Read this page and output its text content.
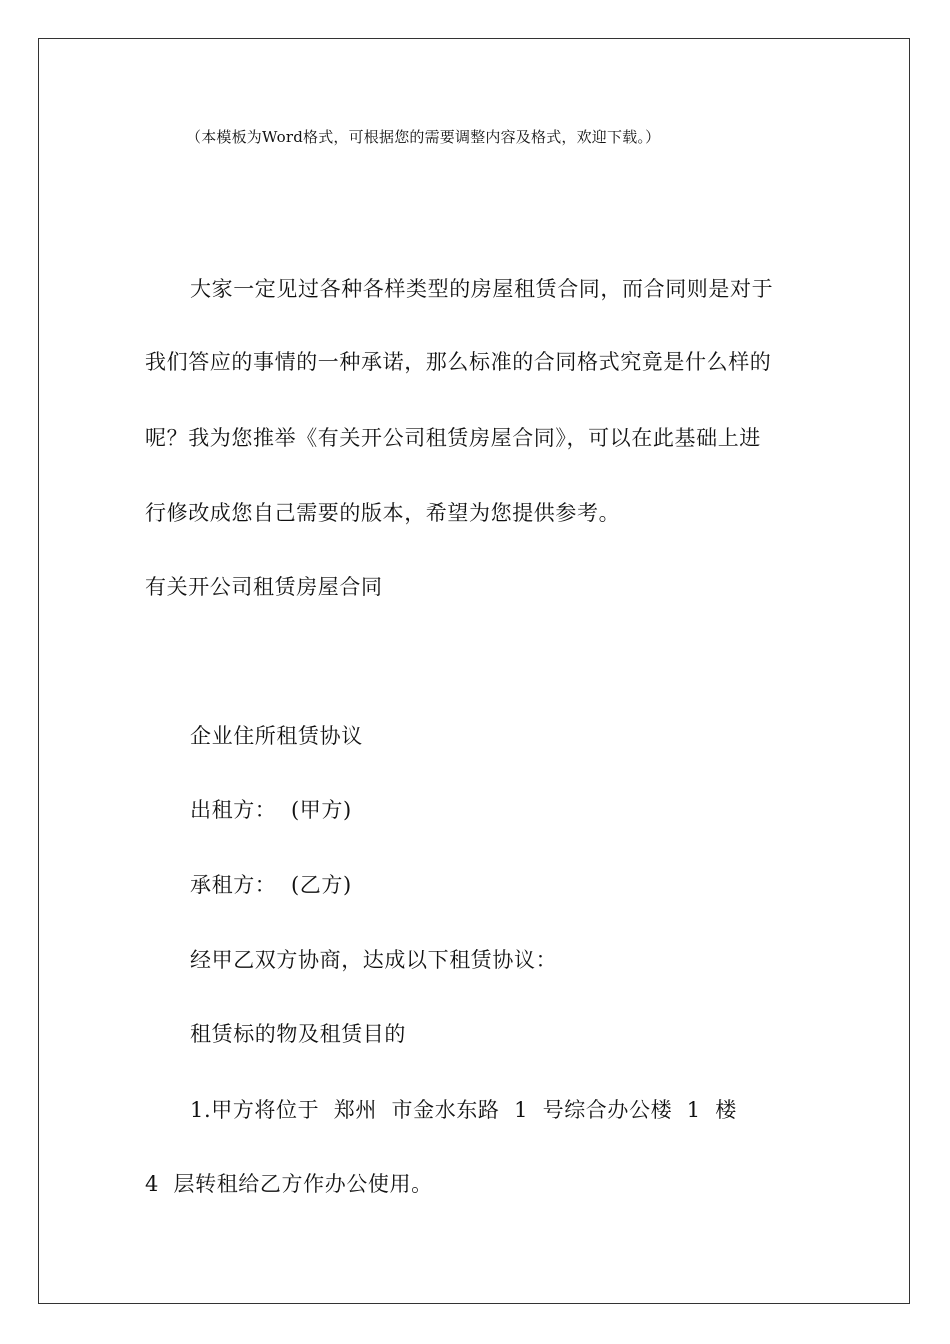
（本模板为Word格式，可根据您的需要调整内容及格式，欢迎下载。）
大家一定见过各种各样类型的房屋租赁合同，而合同则是对于
我们答应的事情的一种承诺，那么标准的合同格式究竟是什么样的
呢？我为您推举《有关开公司租赁房屋合同》，可以在此基础上进
行修改成您自己需要的版本，希望为您提供参考。
有关开公司租赁房屋合同
企业住所租赁协议
出租方：  (甲方)
承租方：  (乙方)
经甲乙双方协商，达成以下租赁协议：
租赁标的物及租赁目的
1.甲方将位于  郑州  市金水东路  1  号综合办公楼  1  楼
4  层转租给乙方作办公使用。
